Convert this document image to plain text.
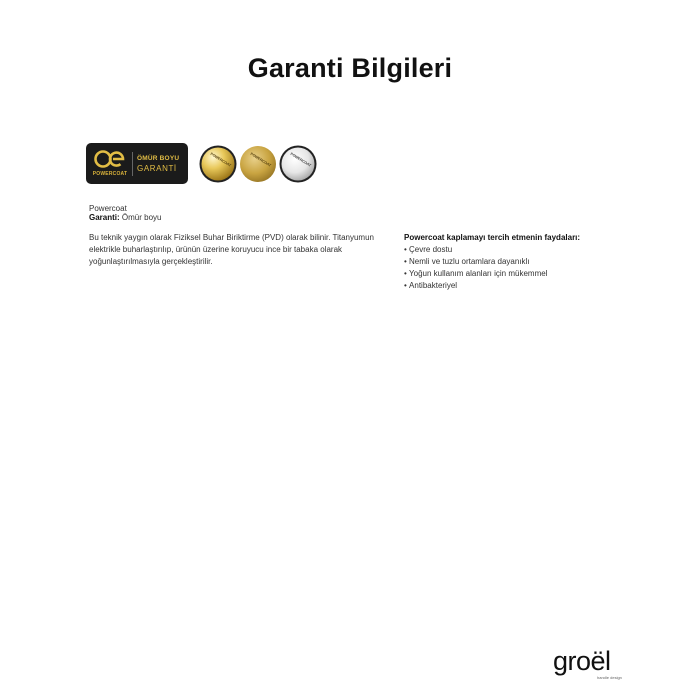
Garanti Bilgileri
POWERCOAT
ÖMÜR BOYU
GARANTİ
POWERCOAT	POWERCOAT	POWERCOAT
Powercoat
Garanti: Ömür boyu
Bu teknik yaygın olarak Fiziksel Buhar Biriktirme (PVD) olarak bilinir. Titanyumun elektrikle buharlaştırılıp, ürünün üzerine koruyucu ince bir tabaka olarak yoğunlaştırılmasıyla gerçekleştirilir.
Powercoat kaplamayı tercih etmenin faydaları:
• Çevre dostu
• Nemli ve tuzlu ortamlara dayanıklı
• Yoğun kullanım alanları için mükemmel
• Antibakteriyel
groël
handle design
